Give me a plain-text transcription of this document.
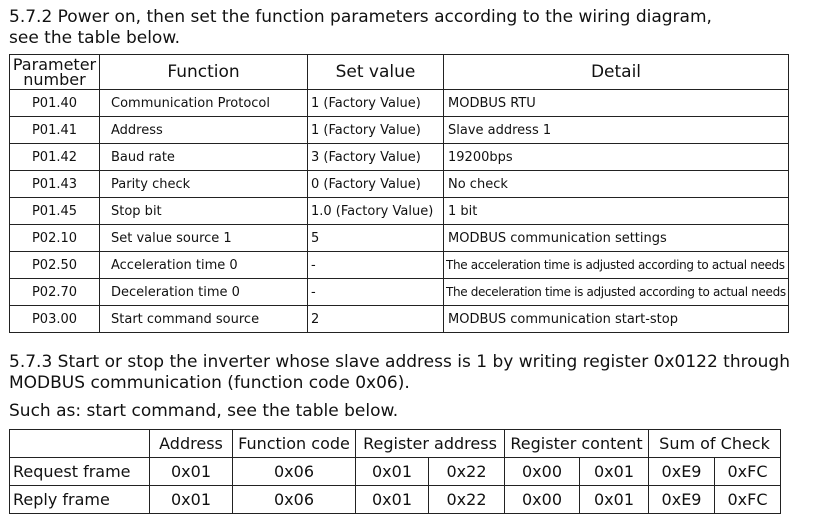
5.7.2 Power on, then set the function parameters according to the wiring diagram,
see the table below.
Parameter
number	Function	Set value	Detail
P01.40	Communication Protocol	1 (Factory Value)	MODBUS RTU
P01.41	Address	1 (Factory Value)	Slave address 1
P01.42	Baud rate	3 (Factory Value)	19200bps
P01.43	Parity check	0 (Factory Value)	No check
P01.45	Stop bit	1.0 (Factory Value)	1 bit
P02.10	Set value source 1	5	MODBUS communication settings
P02.50	Acceleration time 0	-	The acceleration time is adjusted according to actual needs
P02.70	Deceleration time 0	-	The deceleration time is adjusted according to actual needs
P03.00	Start command source	2	MODBUS communication start-stop
5.7.3 Start or stop the inverter whose slave address is 1 by writing register 0x0122 through
MODBUS communication (function code 0x06).
Such as: start command, see the table below.
	Address	Function code	Register address		Register content		Sum of Check	
Request frame	0x01	0x06	0x01	0x22	0x00	0x01	0xE9	0xFC
Reply frame	0x01	0x06	0x01	0x22	0x00	0x01	0xE9	0xFC
